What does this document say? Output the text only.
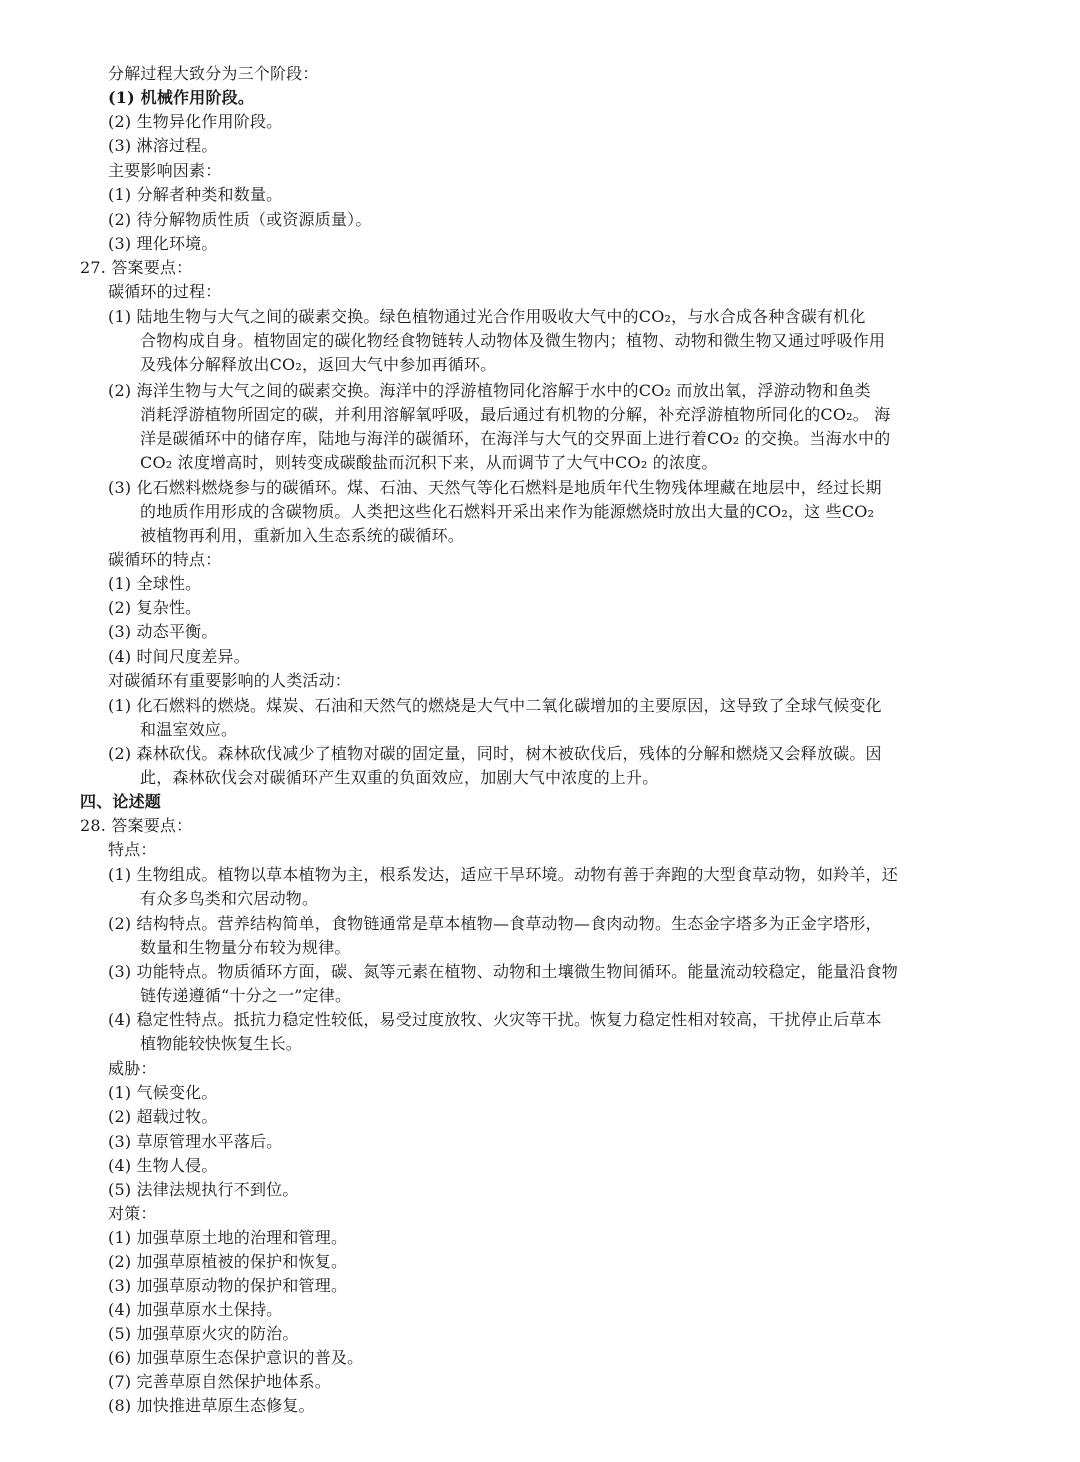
分解过程大致分为三个阶段：
(1) 机械作用阶段。
(2) 生物异化作用阶段。
(3) 淋溶过程。
主要影响因素：
(1) 分解者种类和数量。
(2) 待分解物质性质（或资源质量）。
(3) 理化环境。
27. 答案要点：
碳循环的过程：
(1) 陆地生物与大气之间的碳素交换。绿色植物通过光合作用吸收大气中的CO₂，与水合成各种含碳有机化
合物构成自身。植物固定的碳化物经食物链转人动物体及微生物内；植物、动物和微生物又通过呼吸作用
及残体分解释放出CO₂，返回大气中参加再循环。
(2) 海洋生物与大气之间的碳素交换。海洋中的浮游植物同化溶解于水中的CO₂ 而放出氧，浮游动物和鱼类
消耗浮游植物所固定的碳，并利用溶解氧呼吸，最后通过有机物的分解，补充浮游植物所同化的CO₂。 海
洋是碳循环中的储存库，陆地与海洋的碳循环，在海洋与大气的交界面上进行着CO₂ 的交换。当海水中的
CO₂ 浓度增高时，则转变成碳酸盐而沉积下来，从而调节了大气中CO₂ 的浓度。
(3) 化石燃料燃烧参与的碳循环。煤、石油、天然气等化石燃料是地质年代生物残体埋藏在地层中，经过长期
的地质作用形成的含碳物质。人类把这些化石燃料开采出来作为能源燃烧时放出大量的CO₂，这 些CO₂
被植物再利用，重新加入生态系统的碳循环。
碳循环的特点：
(1) 全球性。
(2) 复杂性。
(3) 动态平衡。
(4) 时间尺度差异。
对碳循环有重要影响的人类活动：
(1) 化石燃料的燃烧。煤炭、石油和天然气的燃烧是大气中二氧化碳增加的主要原因，这导致了全球气候变化
和温室效应。
(2) 森林砍伐。森林砍伐减少了植物对碳的固定量，同时，树木被砍伐后，残体的分解和燃烧又会释放碳。因
此，森林砍伐会对碳循环产生双重的负面效应，加剧大气中浓度的上升。
四、论述题
28. 答案要点：
特点：
(1) 生物组成。植物以草本植物为主，根系发达，适应干旱环境。动物有善于奔跑的大型食草动物，如羚羊，还
有众多鸟类和穴居动物。
(2) 结构特点。营养结构简单，食物链通常是草本植物—食草动物—食肉动物。生态金字塔多为正金字塔形，
数量和生物量分布较为规律。
(3) 功能特点。物质循环方面，碳、氮等元素在植物、动物和土壤微生物间循环。能量流动较稳定，能量沿食物
链传递遵循“十分之一”定律。
(4) 稳定性特点。抵抗力稳定性较低，易受过度放牧、火灾等干扰。恢复力稳定性相对较高，干扰停止后草本
植物能较快恢复生长。
威胁：
(1) 气候变化。
(2) 超载过牧。
(3) 草原管理水平落后。
(4) 生物人侵。
(5) 法律法规执行不到位。
对策：
(1) 加强草原土地的治理和管理。
(2) 加强草原植被的保护和恢复。
(3) 加强草原动物的保护和管理。
(4) 加强草原水土保持。
(5) 加强草原火灾的防治。
(6) 加强草原生态保护意识的普及。
(7) 完善草原自然保护地体系。
(8) 加快推进草原生态修复。
